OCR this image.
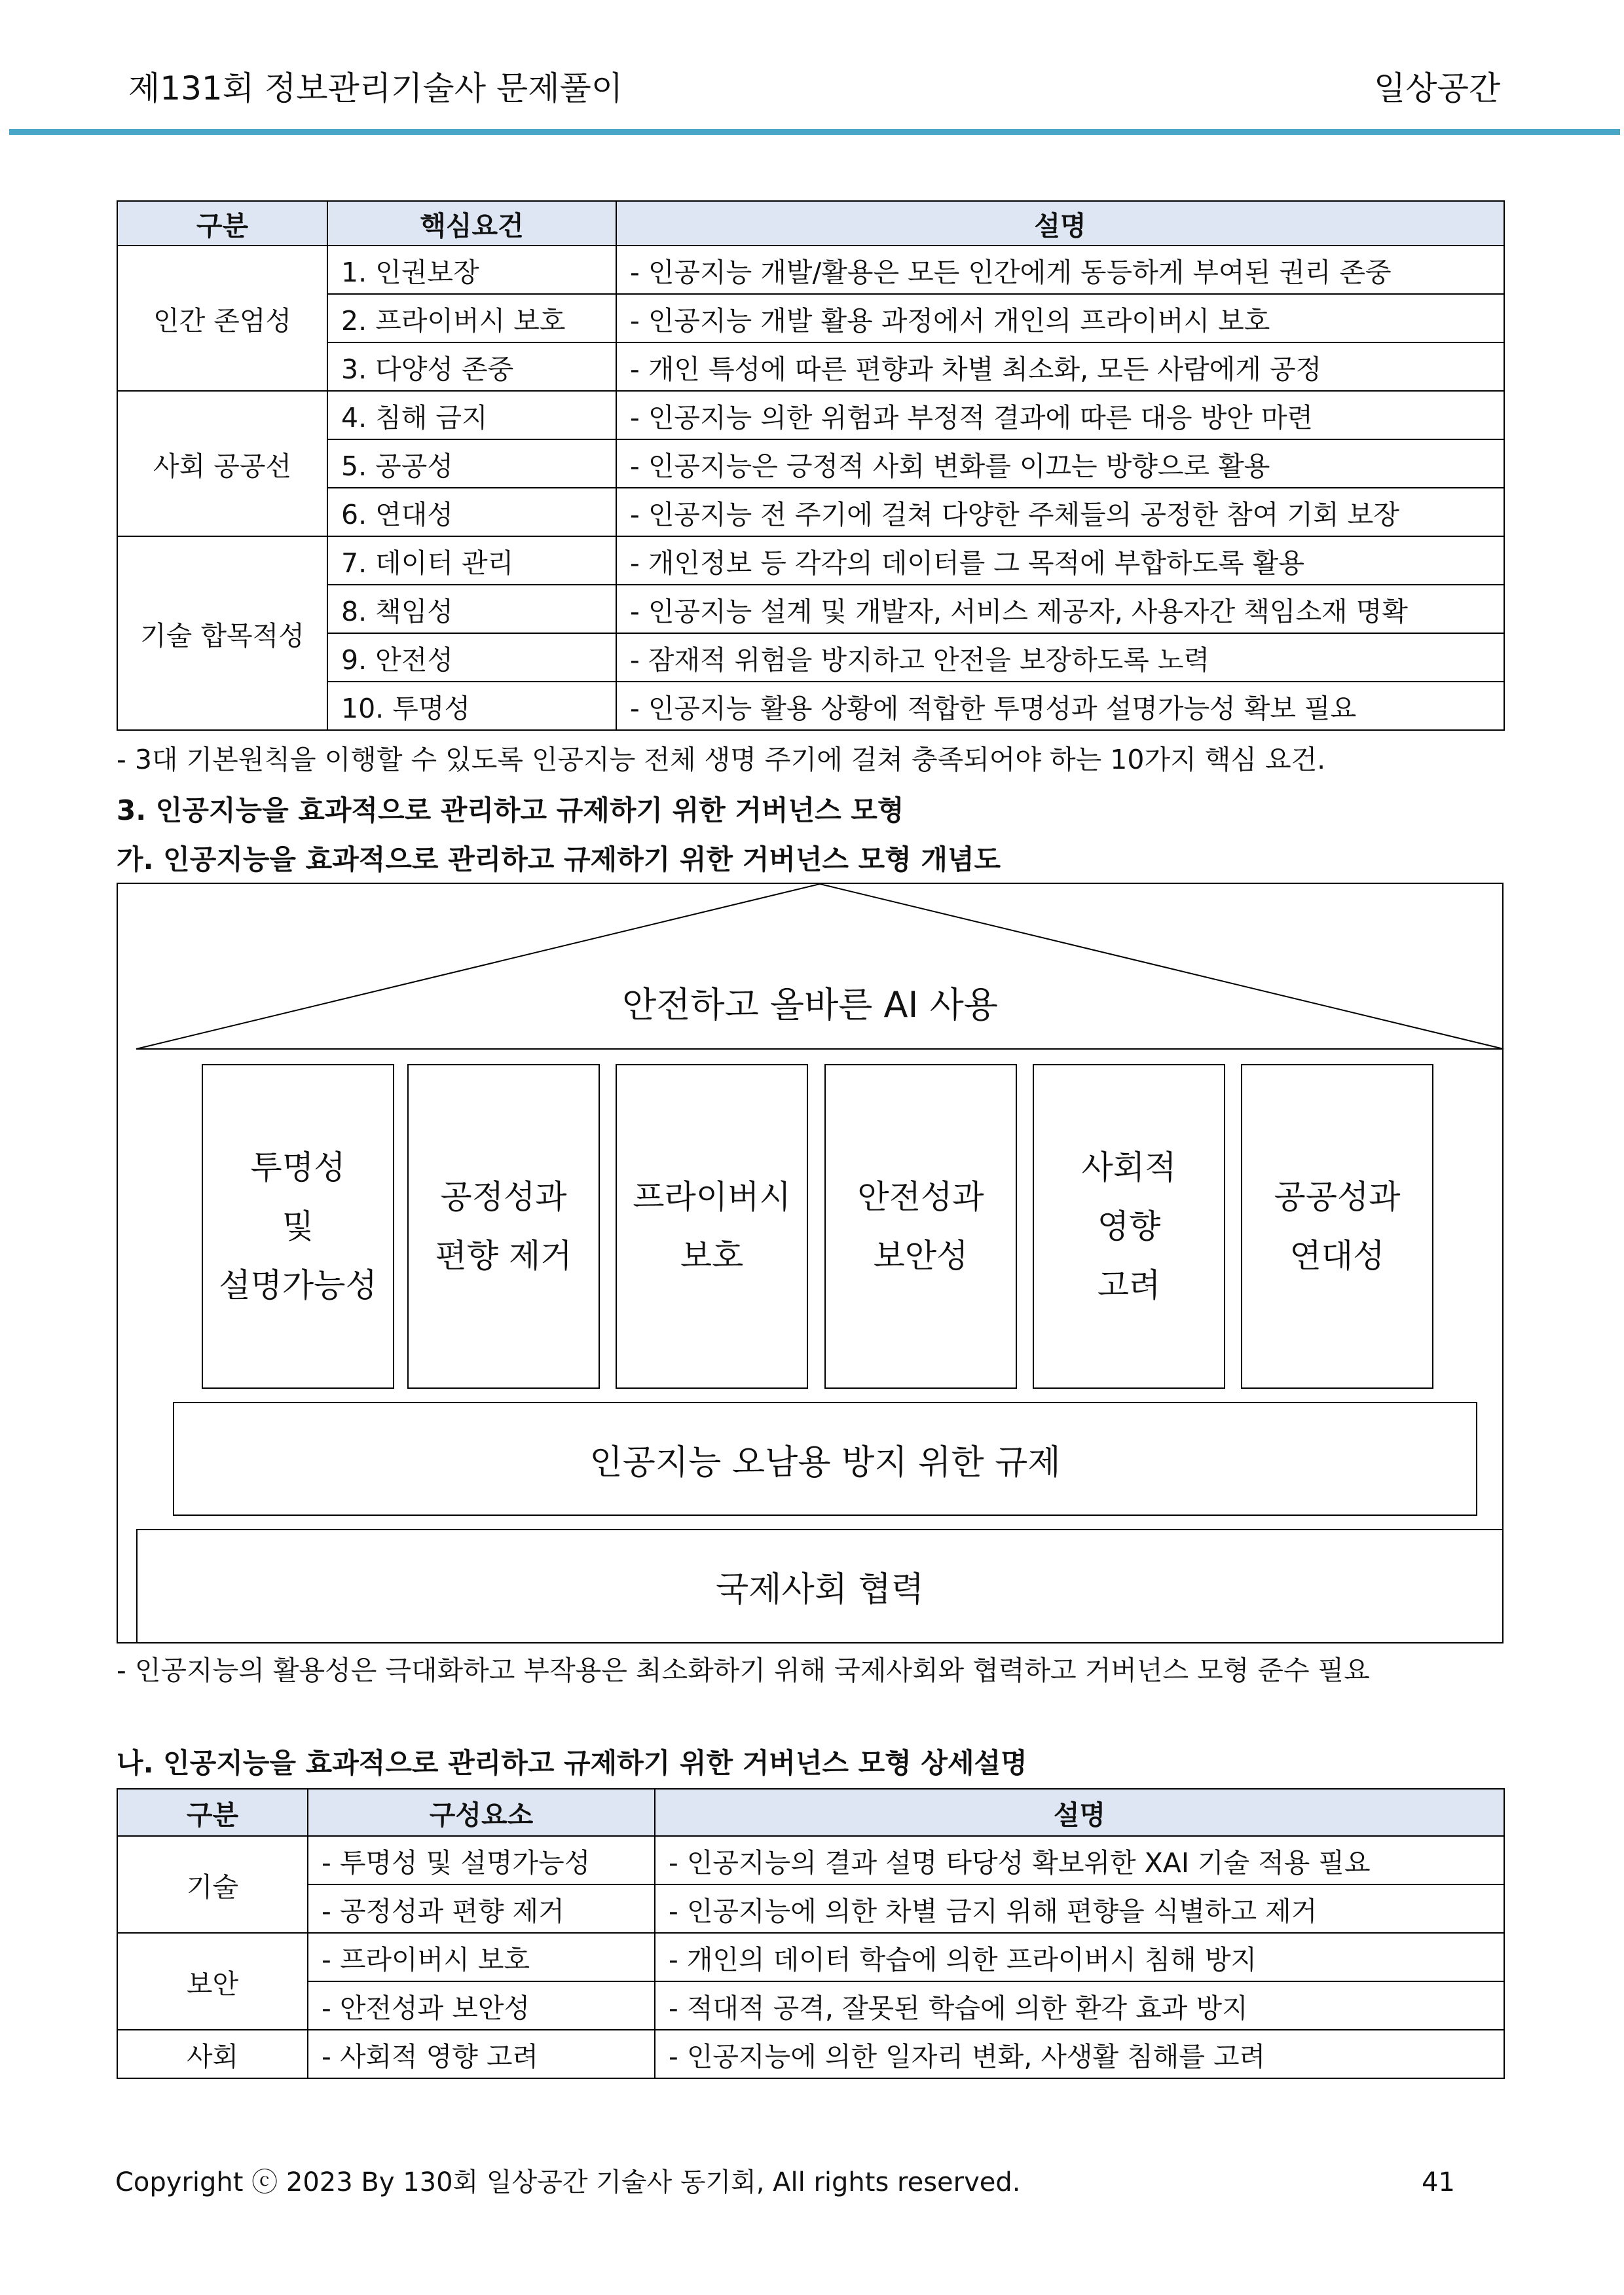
제131회 정보관리기술사 문제풀이	일상공간
구분	핵심요건	설명
인간 존엄성	1. 인권보장	- 인공지능 개발/활용은 모든 인간에게 동등하게 부여된 권리 존중
	2. 프라이버시 보호	- 인공지능 개발 활용 과정에서 개인의 프라이버시 보호
	3. 다양성 존중	- 개인 특성에 따른 편향과 차별 최소화, 모든 사람에게 공정
사회 공공선	4. 침해 금지	- 인공지능 의한 위험과 부정적 결과에 따른 대응 방안 마련
	5. 공공성	- 인공지능은 긍정적 사회 변화를 이끄는 방향으로 활용
	6. 연대성	- 인공지능 전 주기에 걸쳐 다양한 주체들의 공정한 참여 기회 보장
기술 합목적성	7. 데이터 관리	- 개인정보 등 각각의 데이터를 그 목적에 부합하도록 활용
	8. 책임성	- 인공지능 설계 및 개발자, 서비스 제공자, 사용자간 책임소재 명확
	9. 안전성	- 잠재적 위험을 방지하고 안전을 보장하도록 노력
	10. 투명성	- 인공지능 활용 상황에 적합한 투명성과 설명가능성 확보 필요
- 3대 기본원칙을 이행할 수 있도록 인공지능 전체 생명 주기에 걸쳐 충족되어야 하는 10가지 핵심 요건.
3. 인공지능을 효과적으로 관리하고 규제하기 위한 거버넌스 모형
가. 인공지능을 효과적으로 관리하고 규제하기 위한 거버넌스 모형 개념도
안전하고 올바른 AI 사용
투명성
및
설명가능성
공정성과
편향 제거
프라이버시
보호
안전성과
보안성
사회적
영향
고려
공공성과
연대성
인공지능 오남용 방지 위한 규제
국제사회 협력
- 인공지능의 활용성은 극대화하고 부작용은 최소화하기 위해 국제사회와 협력하고 거버넌스 모형 준수 필요
나. 인공지능을 효과적으로 관리하고 규제하기 위한 거버넌스 모형 상세설명
구분	구성요소	설명
기술	- 투명성 및 설명가능성	- 인공지능의 결과 설명 타당성 확보위한 XAI 기술 적용 필요
	- 공정성과 편향 제거	- 인공지능에 의한 차별 금지 위해 편향을 식별하고 제거
보안	- 프라이버시 보호	- 개인의 데이터 학습에 의한 프라이버시 침해 방지
	- 안전성과 보안성	- 적대적 공격, 잘못된 학습에 의한 환각 효과 방지
사회	- 사회적 영향 고려	- 인공지능에 의한 일자리 변화, 사생활 침해를 고려
Copyright ⓒ 2023 By 130회 일상공간 기술사 동기회, All rights reserved.	41
